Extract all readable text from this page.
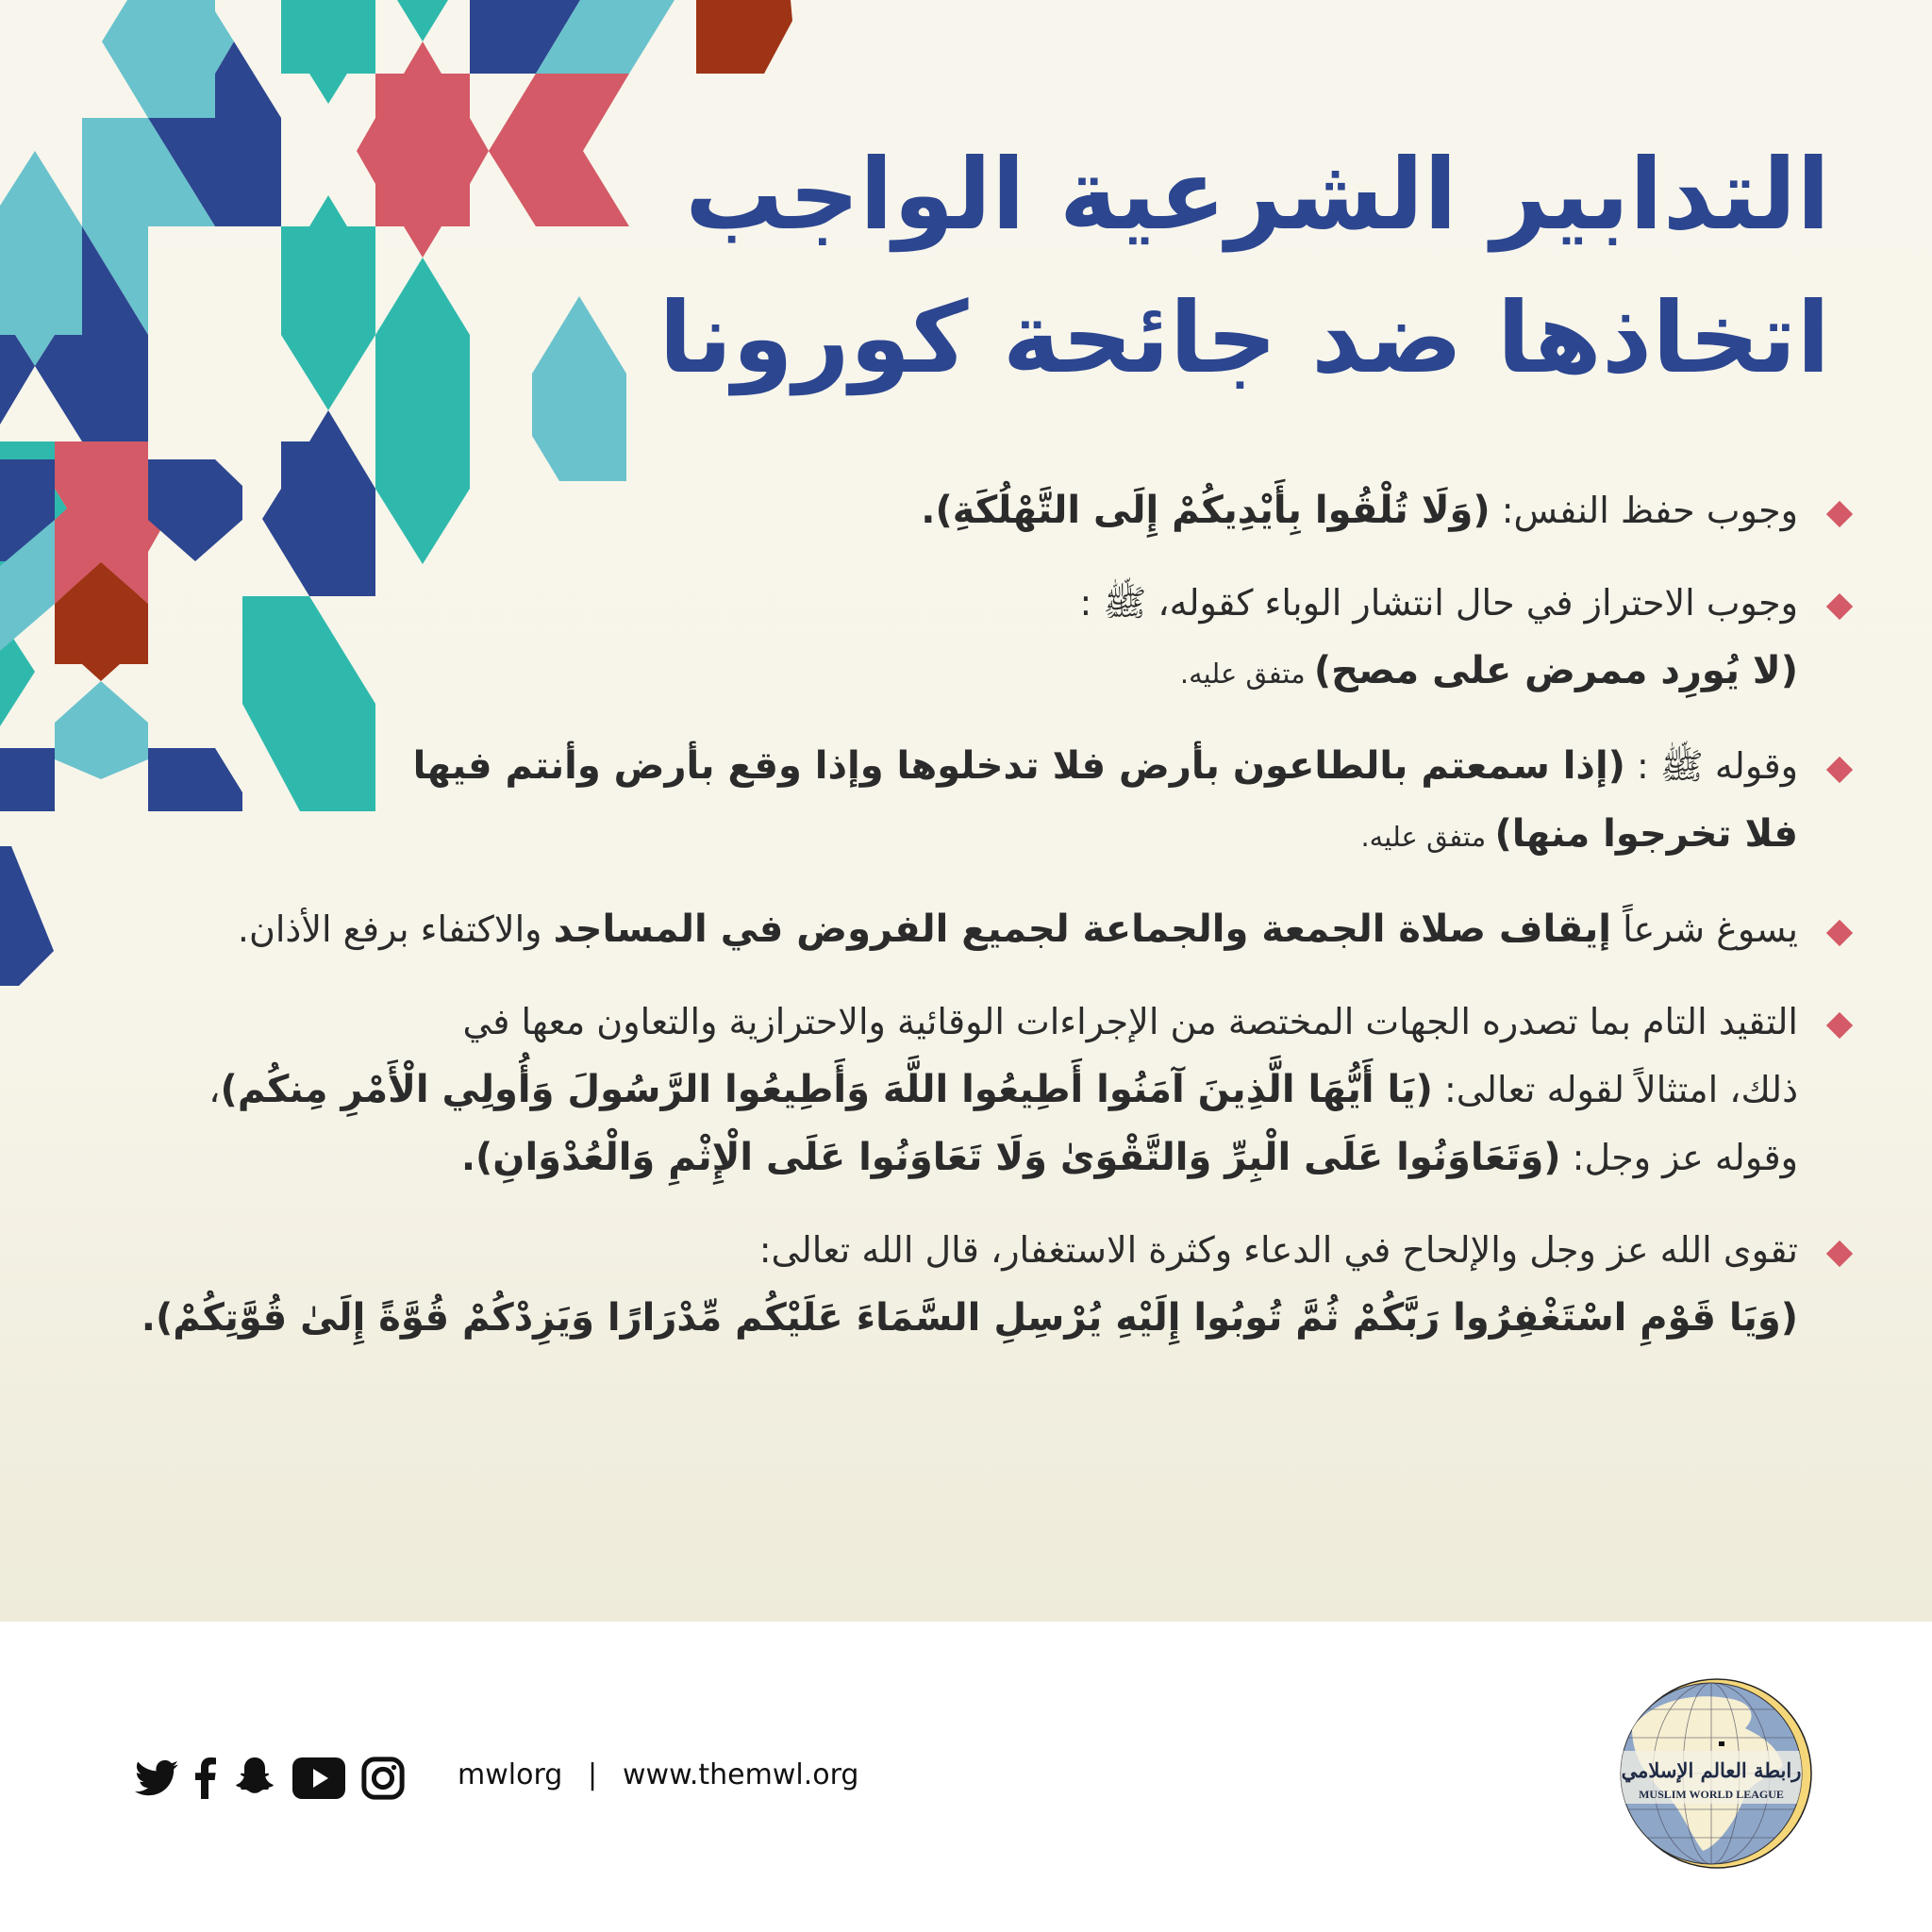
التدابير الشرعية الواجب
اتخاذها ضد جائحة كورونا
وجوب حفظ النفس: (وَلَا تُلْقُوا بِأَيْدِيكُمْ إِلَى التَّهْلُكَةِ).
وجوب الاحتراز في حال انتشار الوباء كقوله، ﷺ :
(لا يُورِد ممرض على مصح) متفق عليه.
وقوله ﷺ : (إذا سمعتم بالطاعون بأرض فلا تدخلوها وإذا وقع بأرض وأنتم فيها
فلا تخرجوا منها) متفق عليه.
يسوغ شرعاً إيقاف صلاة الجمعة والجماعة لجميع الفروض في المساجد والاكتفاء برفع الأذان.
التقيد التام بما تصدره الجهات المختصة من الإجراءات الوقائية والاحترازية والتعاون معها في
ذلك، امتثالاً لقوله تعالى: (يَا أَيُّهَا الَّذِينَ آمَنُوا أَطِيعُوا اللَّهَ وَأَطِيعُوا الرَّسُولَ وَأُولِي الْأَمْرِ مِنكُم)،
وقوله عز وجل: (وَتَعَاوَنُوا عَلَى الْبِرِّ وَالتَّقْوَىٰ وَلَا تَعَاوَنُوا عَلَى الْإِثْمِ وَالْعُدْوَانِ).
تقوى الله عز وجل والإلحاح في الدعاء وكثرة الاستغفار، قال الله تعالى:
(وَيَا قَوْمِ اسْتَغْفِرُوا رَبَّكُمْ ثُمَّ تُوبُوا إِلَيْهِ يُرْسِلِ السَّمَاءَ عَلَيْكُم مِّدْرَارًا وَيَزِدْكُمْ قُوَّةً إِلَىٰ قُوَّتِكُمْ).
mwlorg | www.themwl.org	رابطة العالم الإسلامي
MUSLIM WORLD LEAGUE
